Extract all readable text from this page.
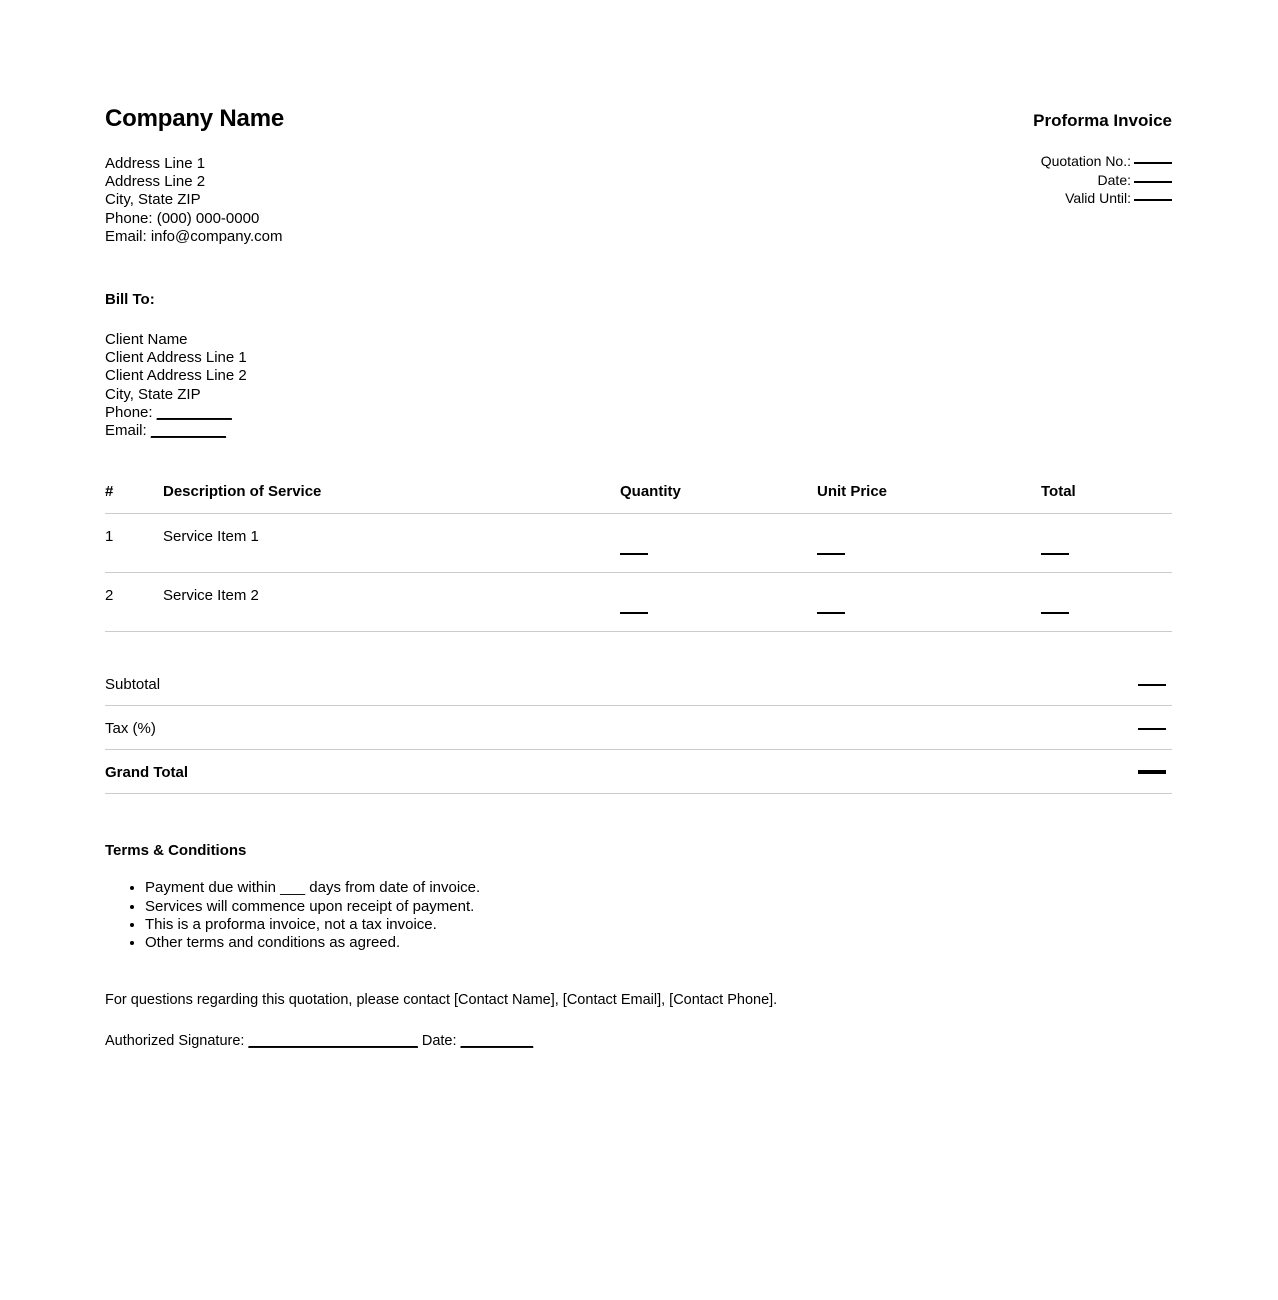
Company Name
Address Line 1
Address Line 2
City, State ZIP
Phone: (000) 000-0000
Email: info@company.com
Proforma Invoice
Quotation No.:
Date:
Valid Until:
Bill To:
Client Name
Client Address Line 1
Client Address Line 2
City, State ZIP
Phone: _________
Email: _________
#	Description of Service	Quantity	Unit Price	Total
1	Service Item 1			
2	Service Item 2			
Subtotal	
Tax (%)	
Grand Total	
Terms & Conditions
• Payment due within ___ days from date of invoice.
• Services will commence upon receipt of payment.
• This is a proforma invoice, not a tax invoice.
• Other terms and conditions as agreed.
For questions regarding this quotation, please contact [Contact Name], [Contact Email], [Contact Phone].
Authorized Signature: _____________________ Date: _________
